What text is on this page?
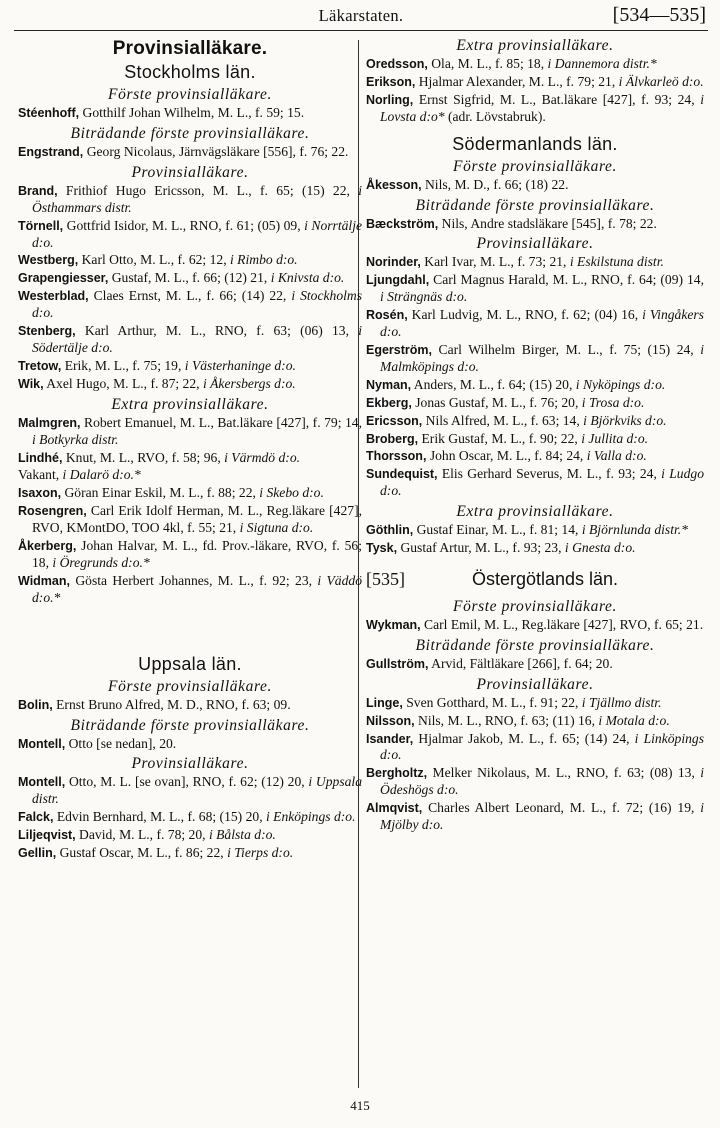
Läkarstaten.	[534—535]
Provinsialläkare.
Stockholms län.
Förste provinsialläkare.
Stéenhoff, Gotthilf Johan Wilhelm, M. L., f. 59; 15.
Biträdande förste provinsialläkare.
Engstrand, Georg Nicolaus, Järnvägsläkare [556], f. 76; 22.
Provinsialläkare.
Brand, Frithiof Hugo Ericsson, M. L., f. 65; (15) 22, i Östhammars distr.
Törnell, Gottfrid Isidor, M. L., RNO, f. 61; (05) 09, i Norrtälje d:o.
Westberg, Karl Otto, M. L., f. 62; 12, i Rimbo d:o.
Grapengiesser, Gustaf, M. L., f. 66; (12) 21, i Knivsta d:o.
Westerblad, Claes Ernst, M. L., f. 66; (14) 22, i Stockholms d:o.
Stenberg, Karl Arthur, M. L., RNO, f. 63; (06) 13, i Södertälje d:o.
Tretow, Erik, M. L., f. 75; 19, i Västerhaninge d:o.
Wik, Axel Hugo, M. L., f. 87; 22, i Åkersbergs d:o.
Extra provinsialläkare.
Malmgren, Robert Emanuel, M. L., Bat.läkare [427], f. 79; 14, i Botkyrka distr.
Lindhé, Knut, M. L., RVO, f. 58; 96, i Värmdö d:o.
Vakant, i Dalarö d:o.*
Isaxon, Göran Einar Eskil, M. L., f. 88; 22, i Skebo d:o.
Rosengren, Carl Erik Idolf Herman, M. L., Reg.läkare [427], RVO, KMontDO, TOO 4kl, f. 55; 21, i Sigtuna d:o.
Åkerberg, Johan Halvar, M. L., fd. Prov.-läkare, RVO, f. 56; 18, i Öregrunds d:o.*
Widman, Gösta Herbert Johannes, M. L., f. 92; 23, i Väddö d:o.*
Uppsala län.
Förste provinsialläkare.
Bolin, Ernst Bruno Alfred, M. D., RNO, f. 63; 09.
Biträdande förste provinsialläkare.
Montell, Otto [se nedan], 20.
Provinsialläkare.
Montell, Otto, M. L. [se ovan], RNO, f. 62; (12) 20, i Uppsala distr.
Falck, Edvin Bernhard, M. L., f. 68; (15) 20, i Enköpings d:o.
Liljeqvist, David, M. L., f. 78; 20, i Bålsta d:o.
Gellin, Gustaf Oscar, M. L., f. 86; 22, i Tierps d:o.
Extra provinsialläkare.
Oredsson, Ola, M. L., f. 85; 18, i Dannemora distr.*
Erikson, Hjalmar Alexander, M. L., f. 79; 21, i Älvkarleö d:o.
Norling, Ernst Sigfrid, M. L., Bat.läkare [427], f. 93; 24, i Lovsta d:o* (adr. Lövstabruk).
Södermanlands län.
Förste provinsialläkare.
Åkesson, Nils, M. D., f. 66; (18) 22.
Biträdande förste provinsialläkare.
Bæckström, Nils, Andre stadsläkare [545], f. 78; 22.
Provinsialläkare.
Norinder, Karl Ivar, M. L., f. 73; 21, i Eskilstuna distr.
Ljungdahl, Carl Magnus Harald, M. L., RNO, f. 64; (09) 14, i Strängnäs d:o.
Rosén, Karl Ludvig, M. L., RNO, f. 62; (04) 16, i Vingåkers d:o.
Egerström, Carl Wilhelm Birger, M. L., f. 75; (15) 24, i Malmköpings d:o.
Nyman, Anders, M. L., f. 64; (15) 20, i Nyköpings d:o.
Ekberg, Jonas Gustaf, M. L., f. 76; 20, i Trosa d:o.
Ericsson, Nils Alfred, M. L., f. 63; 14, i Björkviks d:o.
Broberg, Erik Gustaf, M. L., f. 90; 22, i Jullita d:o.
Thorsson, John Oscar, M. L., f. 84; 24, i Valla d:o.
Sundequist, Elis Gerhard Severus, M. L., f. 93; 24, i Ludgo d:o.
Extra provinsialläkare.
Göthlin, Gustaf Einar, M. L., f. 81; 14, i Björnlunda distr.*
Tysk, Gustaf Artur, M. L., f. 93; 23, i Gnesta d:o.
[535]	Östergötlands län.
Förste provinsialläkare.
Wykman, Carl Emil, M. L., Reg.läkare [427], RVO, f. 65; 21.
Biträdande förste provinsialläkare.
Gullström, Arvid, Fältläkare [266], f. 64; 20.
Provinsialläkare.
Linge, Sven Gotthard, M. L., f. 91; 22, i Tjällmo distr.
Nilsson, Nils, M. L., RNO, f. 63; (11) 16, i Motala d:o.
Isander, Hjalmar Jakob, M. L., f. 65; (14) 24, i Linköpings d:o.
Bergholtz, Melker Nikolaus, M. L., RNO, f. 63; (08) 13, i Ödeshögs d:o.
Almqvist, Charles Albert Leonard, M. L., f. 72; (16) 19, i Mjölby d:o.
415
